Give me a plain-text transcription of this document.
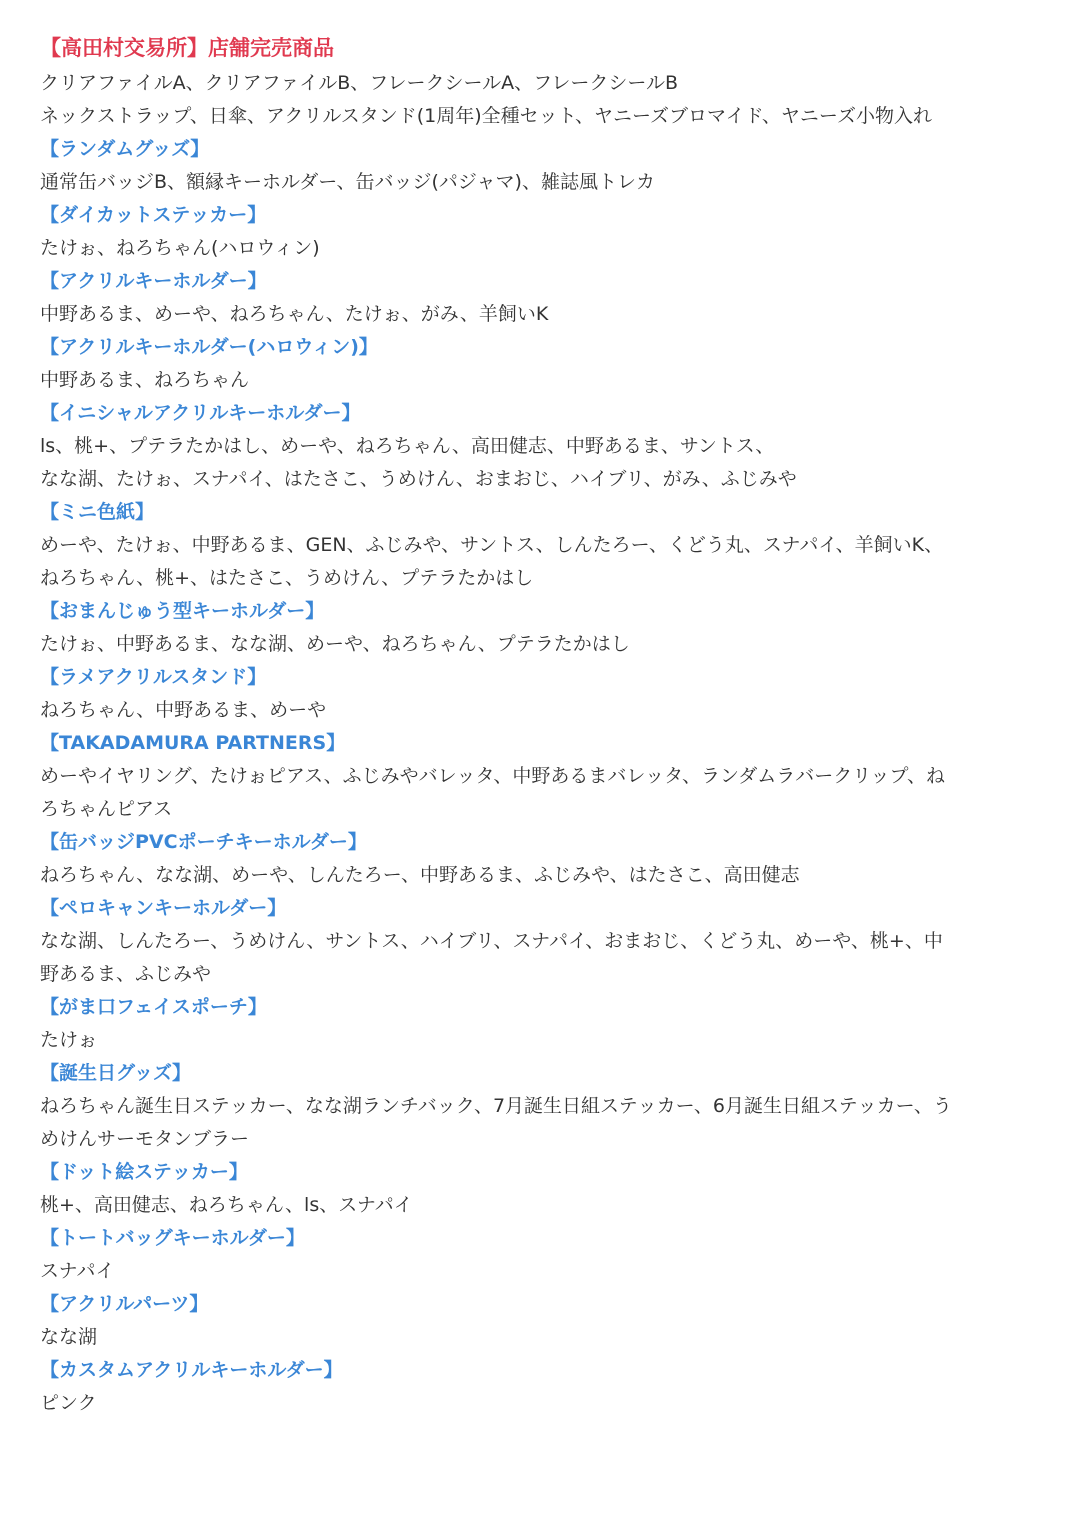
【高田村交易所】店舗完売商品
クリアファイルA、クリアファイルB、フレークシールA、フレークシールB
ネックストラップ、日傘、アクリルスタンド(1周年)全種セット、ヤニーズブロマイド、ヤニーズ小物入れ
【ランダムグッズ】
通常缶バッジB、額縁キーホルダー、缶バッジ(パジャマ)、雑誌風トレカ
【ダイカットステッカー】
たけぉ、ねろちゃん(ハロウィン)
【アクリルキーホルダー】
中野あるま、めーや、ねろちゃん、たけぉ、がみ、羊飼いK
【アクリルキーホルダー(ハロウィン)】
中野あるま、ねろちゃん
【イニシャルアクリルキーホルダー】
ls、桃+、プテラたかはし、めーや、ねろちゃん、高田健志、中野あるま、サントス、
なな湖、たけぉ、スナパイ、はたさこ、うめけん、おまおじ、ハイブリ、がみ、ふじみや
【ミニ色紙】
めーや、たけぉ、中野あるま、GEN、ふじみや、サントス、しんたろー、くどう丸、スナパイ、羊飼いK、
ねろちゃん、桃+、はたさこ、うめけん、プテラたかはし
【おまんじゅう型キーホルダー】
たけぉ、中野あるま、なな湖、めーや、ねろちゃん、プテラたかはし
【ラメアクリルスタンド】
ねろちゃん、中野あるま、めーや
【TAKADAMURA PARTNERS】
めーやイヤリング、たけぉピアス、ふじみやバレッタ、中野あるまバレッタ、ランダムラバークリップ、ね
ろちゃんピアス
【缶バッジPVCポーチキーホルダー】
ねろちゃん、なな湖、めーや、しんたろー、中野あるま、ふじみや、はたさこ、高田健志
【ペロキャンキーホルダー】
なな湖、しんたろー、うめけん、サントス、ハイブリ、スナパイ、おまおじ、くどう丸、めーや、桃+、中
野あるま、ふじみや
【がま口フェイスポーチ】
たけぉ
【誕生日グッズ】
ねろちゃん誕生日ステッカー、なな湖ランチバック、7月誕生日組ステッカー、6月誕生日組ステッカー、う
めけんサーモタンブラー
【ドット絵ステッカー】
桃+、高田健志、ねろちゃん、ls、スナパイ
【トートバッグキーホルダー】
スナパイ
【アクリルパーツ】
なな湖
【カスタムアクリルキーホルダー】
ピンク
